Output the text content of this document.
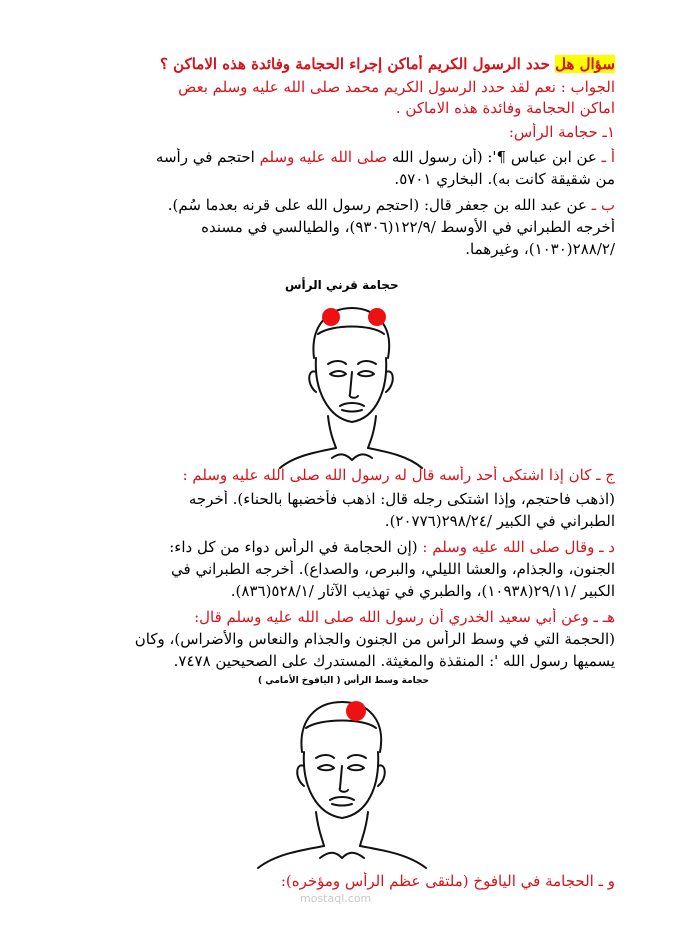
سؤال هل حدد الرسول الكريم أماكن إجراء الحجامة وفائدة هذه الاماكن ؟
الجواب : نعم لقد حدد الرسول الكريم محمد صلى الله عليه وسلم بعض
اماكن الحجامة وفائدة هذه الاماكن .
١ـ حجامة الرأس:
أ ـ عن ابن عباس ¶': (أن رسول الله صلى الله عليه وسلم احتجم في رأسه
من شقيقة كانت به). البخاري ٥٧٠١.
ب ـ عن عبد الله بن جعفر قال: (احتجم رسول الله على قرنه بعدما سُم).
أخرجه الطبراني في الأوسط /١٢٢/٩(٩٣٠٦)، والطيالسي في مسنده
/٢٨٨/٢(١٠٣٠)، وغيرهما.
حجامة قرني الرأس
ج ـ كان إذا اشتكى أحد رأسه قال له رسول الله صلى الله عليه وسلم :
(اذهب فاحتجم، وإذا اشتكى رجله قال: اذهب فأخضبها بالحناء). أخرجه
الطبراني في الكبير /٢٩٨/٢٤(٢٠٧٧٦).
د ـ وقال صلى الله عليه وسلم : (إن الحجامة في الرأس دواء من كل داء:
الجنون، والجذام، والعشا الليلي، والبرص، والصداع). أخرجه الطبراني في
الكبير /٢٩/١١(١٠٩٣٨)، والطبري في تهذيب الآثار /٥٢٨/١(٨٣٦).
هـ ـ وعن أبي سعيد الخدري أن رسول الله صلى الله عليه وسلم قال:
(الحجمة التي في وسط الرأس من الجنون والجذام والنعاس والأضراس)، وكان
يسميها رسول الله ': المنقذة والمغيثة. المستدرك على الصحيحين ٧٤٧٨.
حجامة وسط الرأس ( اليافوخ الأمامي )
و ـ الحجامة في اليافوخ (ملتقى عظم الرأس ومؤخره):
mostaql.com
